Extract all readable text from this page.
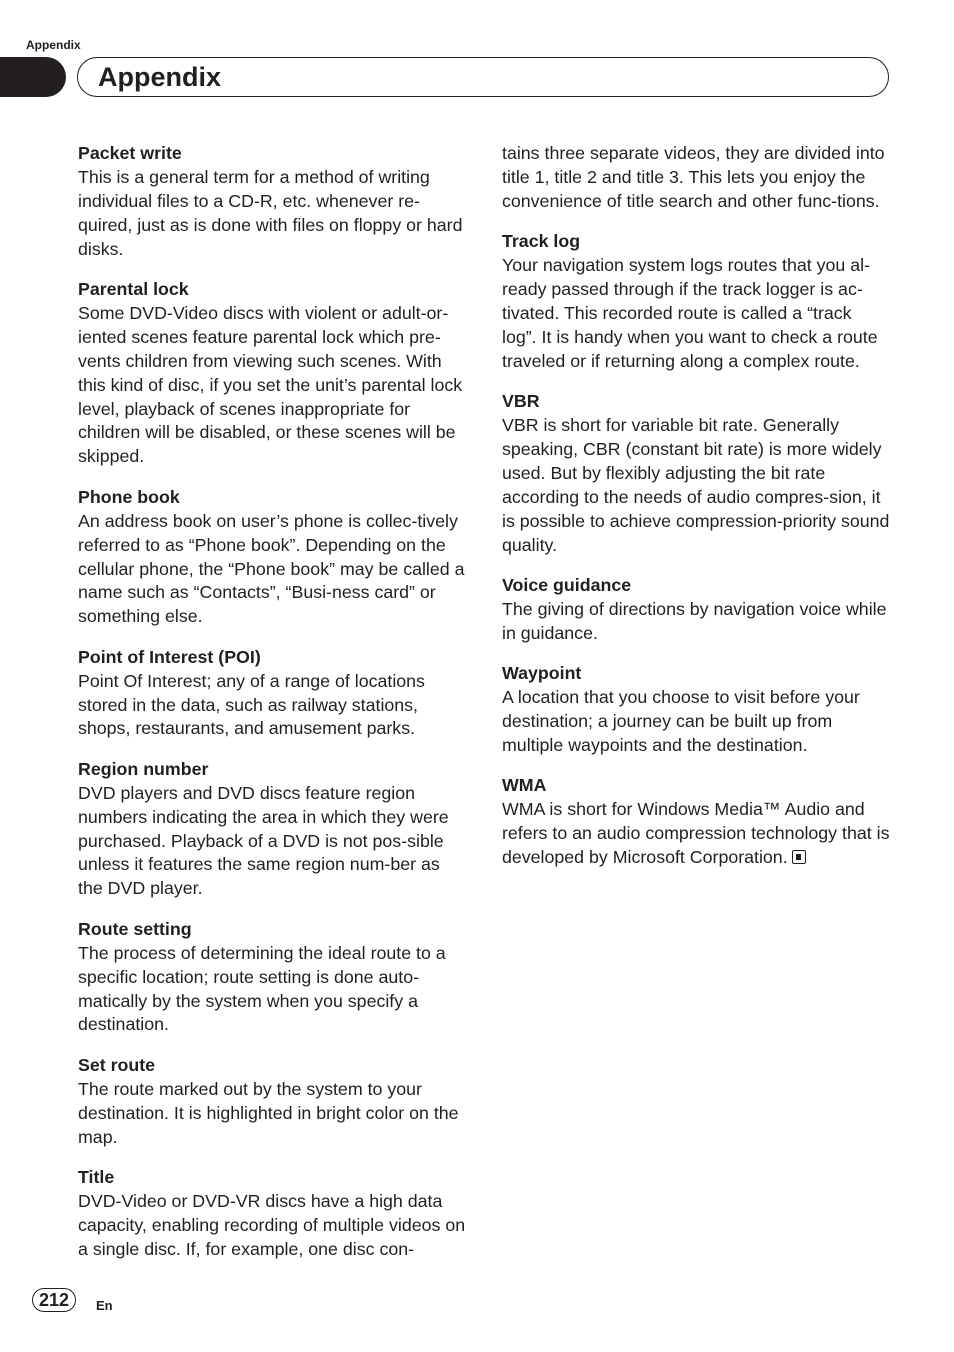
Appendix
Appendix
Packet write

This is a general term for a method of writing individual files to a CD-R, etc. whenever re-quired, just as is done with files on floppy or hard disks.

Parental lock

Some DVD-Video discs with violent or adult-or-iented scenes feature parental lock which pre-vents children from viewing such scenes. With this kind of disc, if you set the unit’s parental lock level, playback of scenes inappropriate for children will be disabled, or these scenes will be skipped.

Phone book

An address book on user’s phone is collec-tively referred to as “Phone book”. Depending on the cellular phone, the “Phone book” may be called a name such as “Contacts”, “Busi-ness card” or something else.

Point of Interest (POI)

Point Of Interest; any of a range of locations stored in the data, such as railway stations, shops, restaurants, and amusement parks.

Region number

DVD players and DVD discs feature region numbers indicating the area in which they were purchased. Playback of a DVD is not pos-sible unless it features the same region num-ber as the DVD player.

Route setting

The process of determining the ideal route to a specific location; route setting is done auto-matically by the system when you specify a destination.

Set route

The route marked out by the system to your destination. It is highlighted in bright color on the map.

Title

DVD-Video or DVD-VR discs have a high data capacity, enabling recording of multiple videos on a single disc. If, for example, one disc con-

tains three separate videos, they are divided into title 1, title 2 and title 3. This lets you enjoy the convenience of title search and other func-tions.

Track log

Your navigation system logs routes that you al-ready passed through if the track logger is ac-tivated. This recorded route is called a “track log”. It is handy when you want to check a route traveled or if returning along a complex route.

VBR

VBR is short for variable bit rate. Generally speaking, CBR (constant bit rate) is more widely used. But by flexibly adjusting the bit rate according to the needs of audio compres-sion, it is possible to achieve compression-priority sound quality.

Voice guidance

The giving of directions by navigation voice while in guidance.

Waypoint

A location that you choose to visit before your destination; a journey can be built up from multiple waypoints and the destination.

WMA

WMA is short for Windows Media™ Audio and refers to an audio compression technology that is developed by Microsoft Corporation.

212	En
